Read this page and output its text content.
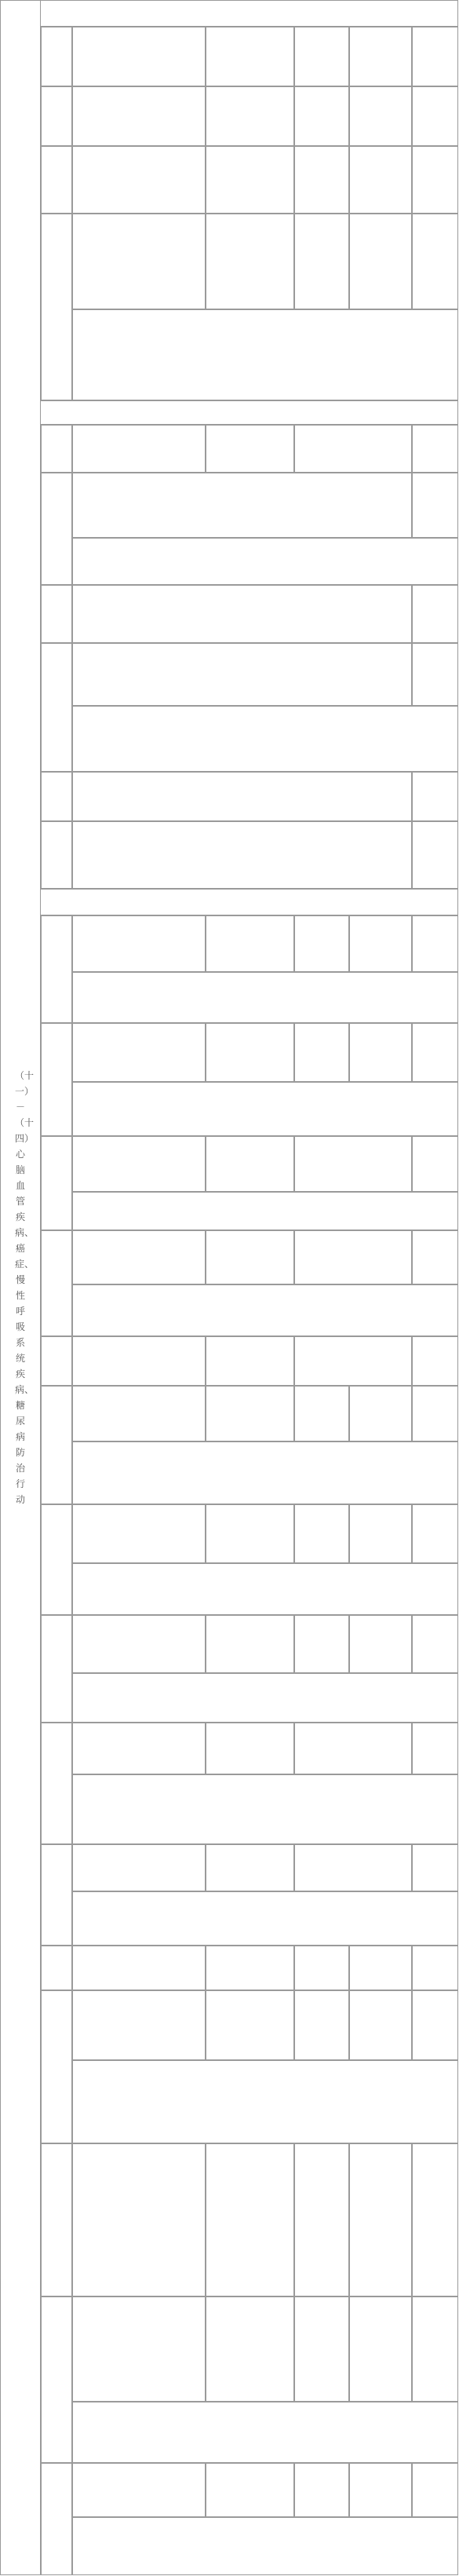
（十一）－（十四）心脑血管疾病、癌症、慢性呼吸系统疾病、糖尿病防治行动
